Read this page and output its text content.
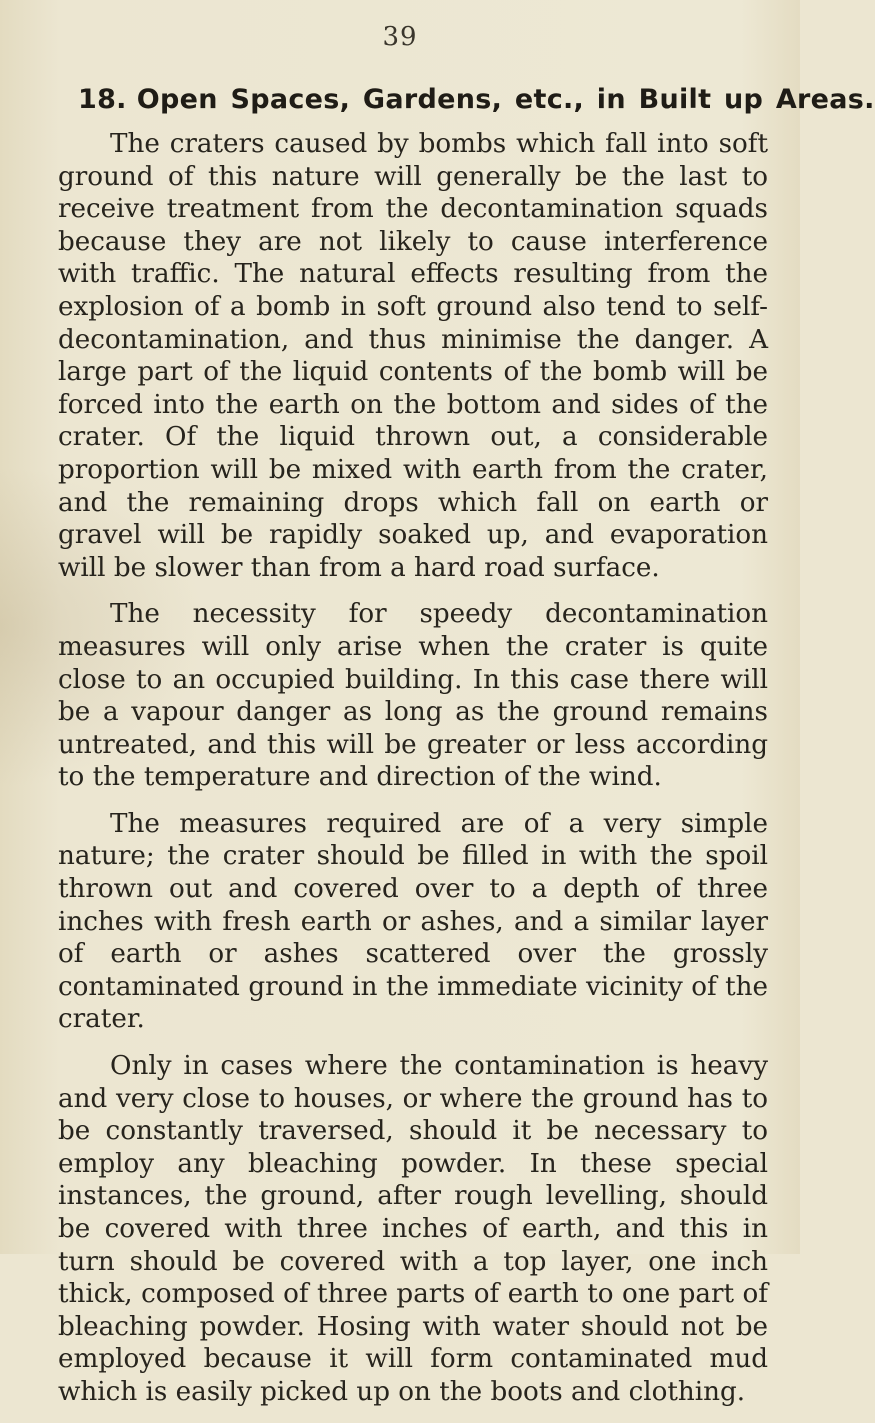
39
18. Open Spaces, Gardens, etc., in Built up Areas.

The craters caused by bombs which fall into soft ground of this nature will generally be the last to receive treatment from the decontamination squads because they are not likely to cause interference with traffic. The natural effects resulting from the explosion of a bomb in soft ground also tend to self-decontamination, and thus minimise the danger. A large part of the liquid contents of the bomb will be forced into the earth on the bottom and sides of the crater. Of the liquid thrown out, a considerable proportion will be mixed with earth from the crater, and the remaining drops which fall on earth or gravel will be rapidly soaked up, and evaporation will be slower than from a hard road surface.

The necessity for speedy decontamination measures will only arise when the crater is quite close to an occupied building. In this case there will be a vapour danger as long as the ground remains untreated, and this will be greater or less according to the temperature and direction of the wind.

The measures required are of a very simple nature; the crater should be filled in with the spoil thrown out and covered over to a depth of three inches with fresh earth or ashes, and a similar layer of earth or ashes scattered over the grossly contaminated ground in the immediate vicinity of the crater.

Only in cases where the contamination is heavy and very close to houses, or where the ground has to be constantly traversed, should it be necessary to employ any bleaching powder. In these special instances, the ground, after rough levelling, should be covered with three inches of earth, and this in turn should be covered with a top layer, one inch thick, composed of three parts of earth to one part of bleaching powder. Hosing with water should not be employed because it will form contaminated mud which is easily picked up on the boots and clothing.
